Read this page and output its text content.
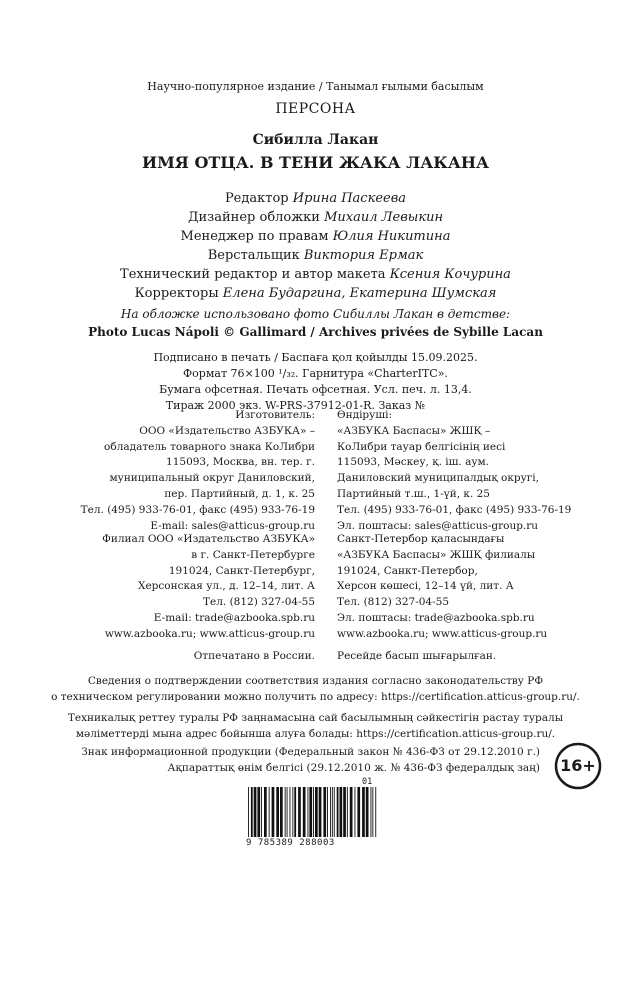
Научно-популярное издание / Танымал ғылыми басылым
ПЕРСОНА
Сибилла Лакан
ИМЯ ОТЦА. В ТЕНИ ЖАКА ЛАКАНА
Редактор Ирина Паскеева
Дизайнер обложки Михаил Левыкин
Менеджер по правам Юлия Никитина
Верстальщик Виктория Ермак
Технический редактор и автор макета Ксения Кочурина
Корректоры Елена Бударгина, Екатерина Шумская
На обложке использовано фото Сибиллы Лакан в детстве:
Photo Lucas Nápoli © Gallimard / Archives privées de Sybille Lacan
Подписано в печать / Баспаға қол қойылды 15.09.2025.
Формат 76×100 ¹/₃₂. Гарнитура «CharterITC».
Бумага офсетная. Печать офсетная. Усл. печ. л. 13,4.
Тираж 2000 экз. W-PRS-37912-01-R. Заказ №
Изготовитель:
ООО «Издательство АЗБУКА» –
обладатель товарного знака КоЛибри
115093, Москва, вн. тер. г.
муниципальный округ Даниловский,
пер. Партийный, д. 1, к. 25
Тел. (495) 933-76-01, факс (495) 933-76-19
E-mail: sales@atticus-group.ru
Өндіруші:
«АЗБУКА Баспасы» ЖШҚ –
КоЛибри тауар белгісінің иесі
115093, Мәскеу, қ. іш. аум.
Даниловский муниципалдық округі,
Партийный т.ш., 1-үй, к. 25
Тел. (495) 933-76-01, факс (495) 933-76-19
Эл. поштасы: sales@atticus-group.ru
Филиал ООО «Издательство АЗБУКА»
в г. Санкт-Петербурге
191024, Санкт-Петербург,
Херсонская ул., д. 12–14, лит. А
Тел. (812) 327-04-55
E-mail: trade@azbooka.spb.ru
Санкт-Петербор қаласындағы
«АЗБУКА Баспасы» ЖШҚ филиалы
191024, Санкт-Петербор,
Херсон көшесі, 12–14 үй, лит. А
Тел. (812) 327-04-55
Эл. поштасы: trade@azbooka.spb.ru
www.azbooka.ru; www.atticus-group.ru www.azbooka.ru; www.atticus-group.ru
Отпечатано в России. Ресейде басып шығарылған.
Сведения о подтверждении соответствия издания согласно законодательству РФ
о техническом регулировании можно получить по адресу: https://certification.atticus-group.ru/.
Техникалық реттеу туралы РФ заңнамасына сай басылымның сәйкестігін растау туралы
мәліметтерді мына адрес бойынша алуға болады: https://certification.atticus-group.ru/.
Знак информационной продукции (Федеральный закон № 436-ФЗ от 29.12.2010 г.)
Ақпараттық өнім белгісі (29.12.2010 ж. № 436-ФЗ федералдық заң)	16+
01
9 785389 288003
